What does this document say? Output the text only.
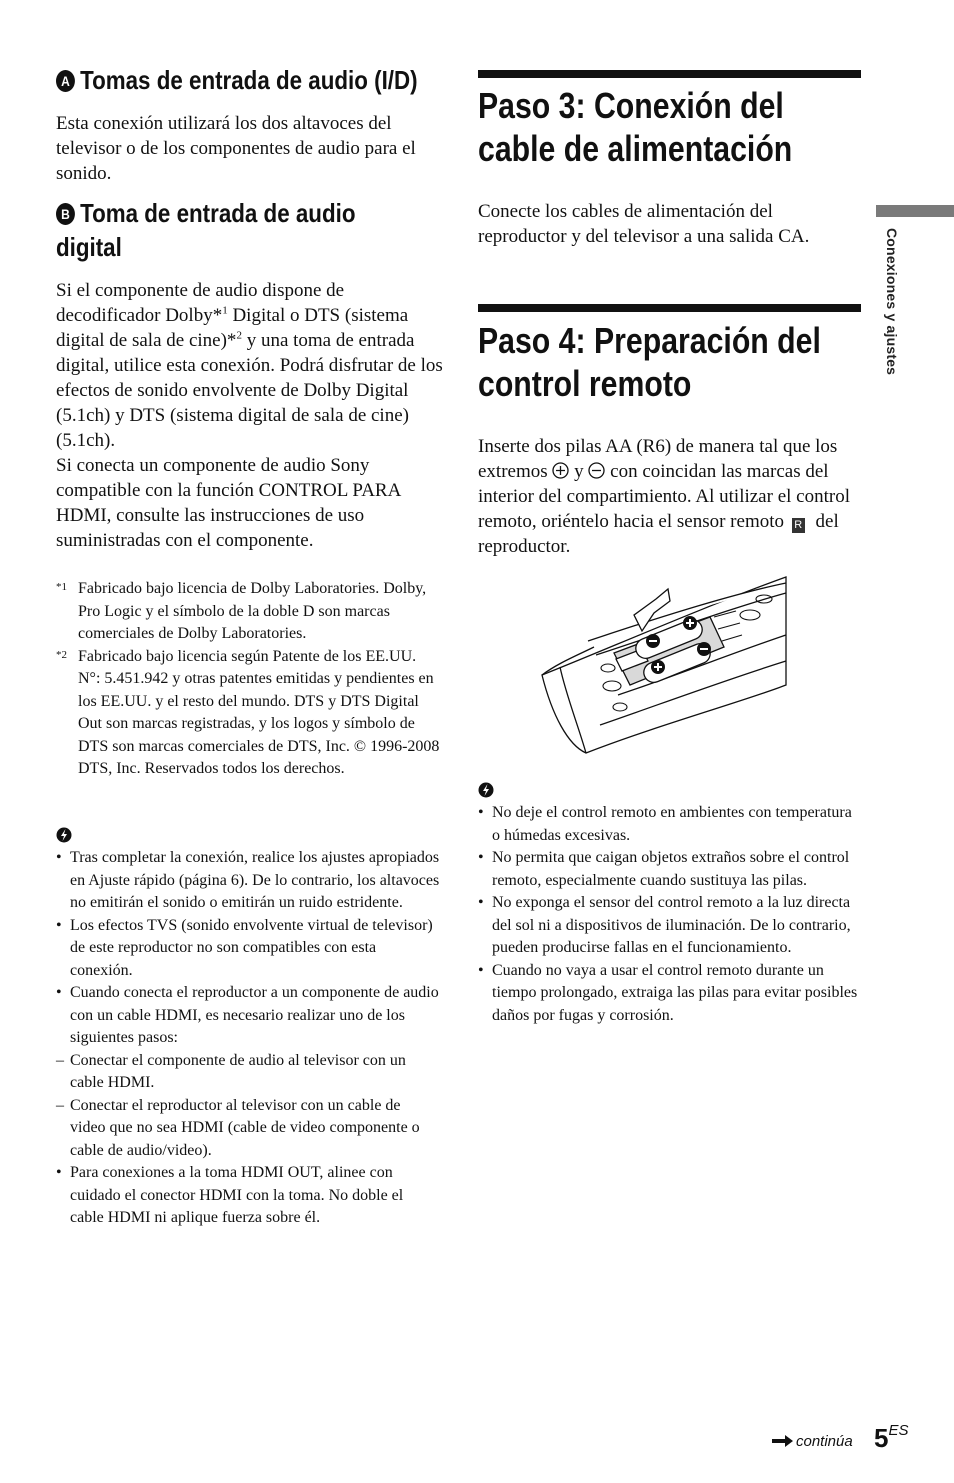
A Tomas de entrada de audio (I/D)
Esta conexión utilizará los dos altavoces del televisor o de los componentes de audio para el sonido.
B Toma de entrada de audio
digital

Si el componente de audio dispone de decodificador Dolby*$^1$ Digital o DTS (sistema digital de sala de cine)*$^2$ y una toma de entrada digital, utilice esta conexión. Podrá disfrutar de los efectos de sonido envolvente de Dolby Digital (5.1ch) y DTS (sistema digital de sala de cine) (5.1ch).

Si conecta un componente de audio Sony compatible con la función CONTROL PARA HDMI, consulte las instrucciones de uso suministradas con el componente.

*1 Fabricado bajo licencia de Dolby Laboratories. Dolby, Pro Logic y el símbolo de la doble D son marcas comerciales de Dolby Laboratories.
*2 Fabricado bajo licencia según Patente de los EE.UU. N°: 5.451.942 y otras patentes emitidas y pendientes en los EE.UU. y el resto del mundo. DTS y DTS Digital Out son marcas registradas, y los logos y símbolo de DTS son marcas comerciales de DTS, Inc. © 1996-2008 DTS, Inc. Reservados todos los derechos.
• Tras completar la conexión, realice los ajustes apropiados en Ajuste rápido (página 6). De lo contrario, los altavoces no emitirán el sonido o emitirán un ruido estridente.
• Los efectos TVS (sonido envolvente virtual de televisor) de este reproductor no son compatibles con esta conexión.
• Cuando conecta el reproductor a un componente de audio con un cable HDMI, es necesario realizar uno de los siguientes pasos:
– Conectar el componente de audio al televisor con un cable HDMI.
– Conectar el reproductor al televisor con un cable de video que no sea HDMI (cable de video componente o cable de audio/video).
• Para conexiones a la toma HDMI OUT, alinee con cuidado el conector HDMI con la toma. No doble el cable HDMI ni aplique fuerza sobre él.
Paso 3: Conexión del
cable de alimentación
Conecte los cables de alimentación del reproductor y del televisor a una salida CA.
Paso 4: Preparación del
control remoto
Inserte dos pilas AA (R6) de manera tal que los extremos  y  con coincidan las marcas del interior del compartimiento. Al utilizar el control remoto, oriéntelo hacia el sensor remoto R del reproductor.
• No deje el control remoto en ambientes con temperatura o húmedas excesivas.
• No permita que caigan objetos extraños sobre el control remoto, especialmente cuando sustituya las pilas.
• No exponga el sensor del control remoto a la luz directa del sol ni a dispositivos de iluminación. De lo contrario, pueden producirse fallas en el funcionamiento.
• Cuando no vaya a usar el control remoto durante un tiempo prolongado, extraiga las pilas para evitar posibles daños por fugas y corrosión.
Conexiones y ajustes
continúa 5ES
